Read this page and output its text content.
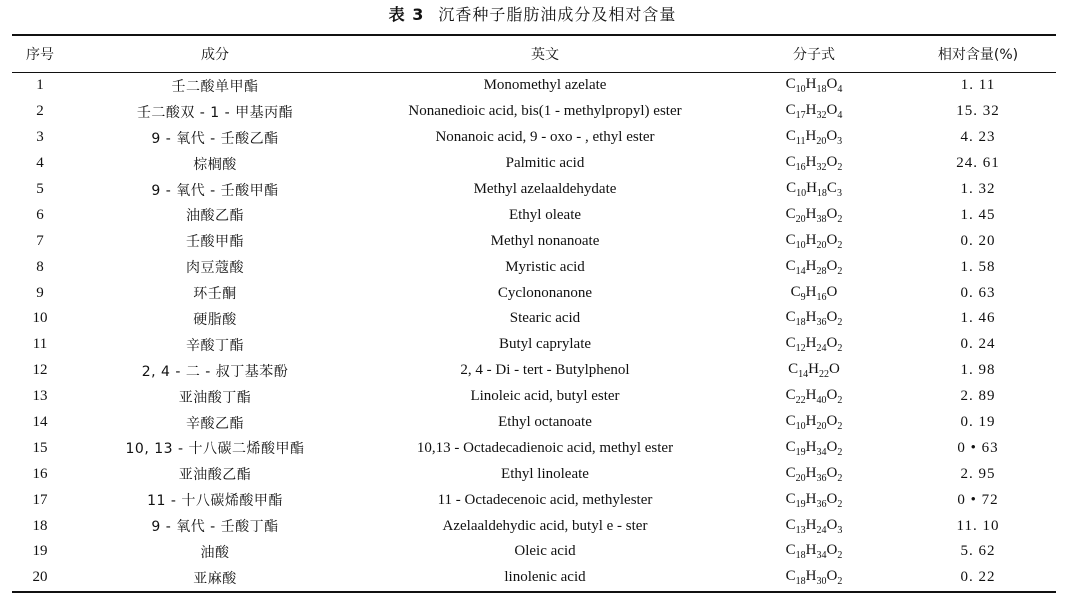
表 3 沉香种子脂肪油成分及相对含量
序号	成分	英文	分子式	相对含量(%)
1	壬二酸单甲酯	Monomethyl azelate	$C_{10}H_{18}O_4$	1. 11
2	壬二酸双 - 1 - 甲基丙酯	Nonanedioic acid, bis(1 - methylpropyl) ester	$C_{17}H_{32}O_4$	15. 32
3	9 - 氧代 - 壬酸乙酯	Nonanoic acid, 9 - oxo - , ethyl ester	$C_{11}H_{20}O_3$	4. 23
4	棕榈酸	Palmitic acid	$C_{16}H_{32}O_2$	24. 61
5	9 - 氧代 - 壬酸甲酯	Methyl azelaaldehydate	$C_{10}H_{18}C_3$	1. 32
6	油酸乙酯	Ethyl oleate	$C_{20}H_{38}O_2$	1. 45
7	壬酸甲酯	Methyl nonanoate	$C_{10}H_{20}O_2$	0. 20
8	肉豆蔻酸	Myristic acid	$C_{14}H_{28}O_2$	1. 58
9	环壬酮	Cyclononanone	$C_9H_{16}O$	0. 63
10	硬脂酸	Stearic acid	$C_{18}H_{36}O_2$	1. 46
11	辛酸丁酯	Butyl caprylate	$C_{12}H_{24}O_2$	0. 24
12	2, 4 - 二 - 叔丁基苯酚	2, 4 - Di - tert - Butylphenol	$C_{14}H_{22}O$	1. 98
13	亚油酸丁酯	Linoleic acid, butyl ester	$C_{22}H_{40}O_2$	2. 89
14	辛酸乙酯	Ethyl octanoate	$C_{10}H_{20}O_2$	0. 19
15	10, 13 - 十八碳二烯酸甲酯	10,13 - Octadecadienoic acid, methyl ester	$C_{19}H_{34}O_2$	0 • 63
16	亚油酸乙酯	Ethyl linoleate	$C_{20}H_{36}O_2$	2. 95
17	11 - 十八碳烯酸甲酯	11 - Octadecenoic acid, methylester	$C_{19}H_{36}O_2$	0 • 72
18	9 - 氧代 - 壬酸丁酯	Azelaaldehydic acid, butyl e - ster	$C_{13}H_{24}O_3$	11. 10
19	油酸	Oleic acid	$C_{18}H_{34}O_2$	5. 62
20	亚麻酸	linolenic acid	$C_{18}H_{30}O_2$	0. 22
